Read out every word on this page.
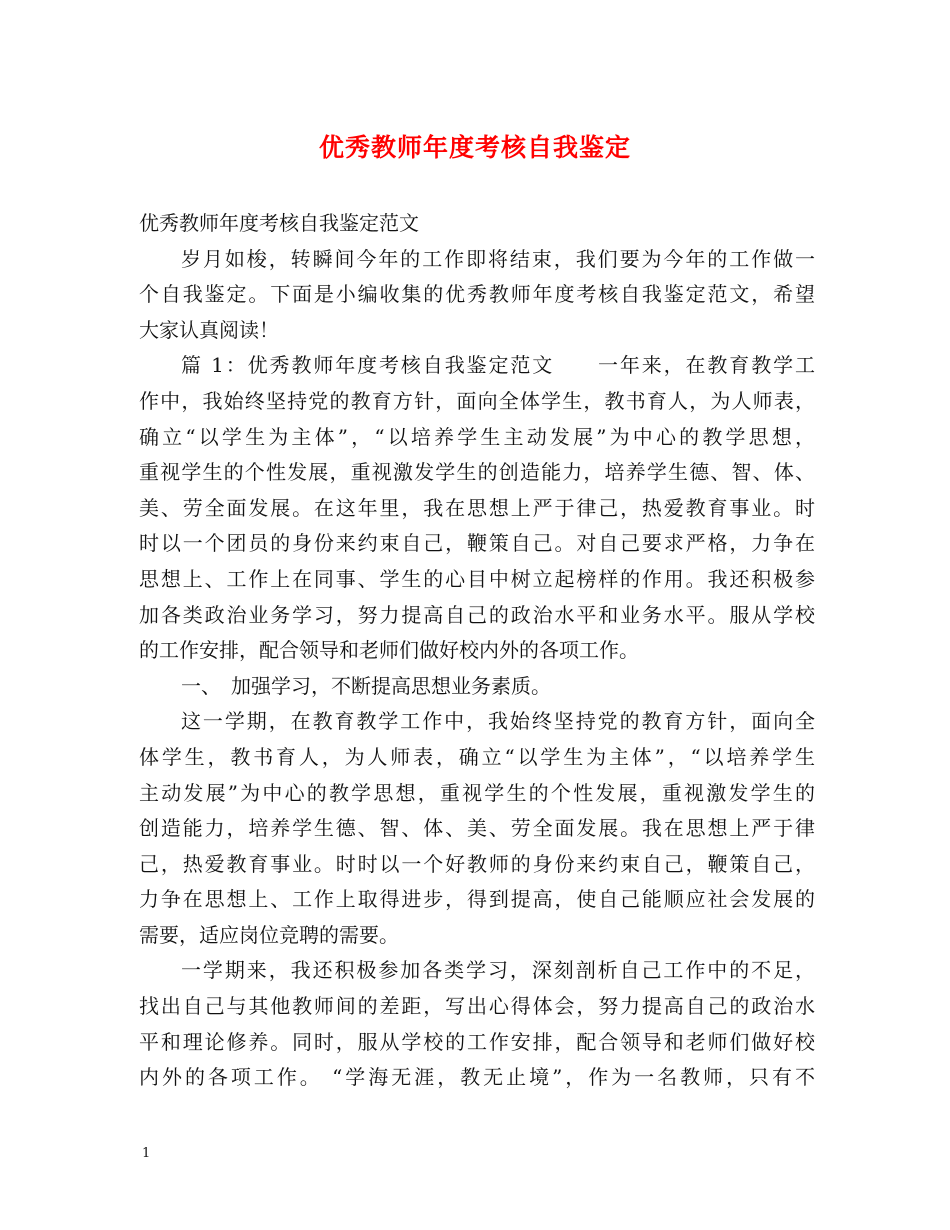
优秀教师年度考核自我鉴定
优秀教师年度考核自我鉴定范文
岁月如梭，转瞬间今年的工作即将结束，我们要为今年的工作做一
个自我鉴定。下面是小编收集的优秀教师年度考核自我鉴定范文，希望
大家认真阅读！
篇 1：优秀教师年度考核自我鉴定范文　　一年来，在教育教学工
作中，我始终坚持党的教育方针，面向全体学生，教书育人，为人师表，
确立“以学生为主体”，“以培养学生主动发展”为中心的教学思想，
重视学生的个性发展，重视激发学生的创造能力，培养学生德、智、体、
美、劳全面发展。在这年里，我在思想上严于律己，热爱教育事业。时
时以一个团员的身份来约束自己，鞭策自己。对自己要求严格，力争在
思想上、工作上在同事、学生的心目中树立起榜样的作用。我还积极参
加各类政治业务学习，努力提高自己的政治水平和业务水平。服从学校
的工作安排，配合领导和老师们做好校内外的各项工作。
一、　加强学习，不断提高思想业务素质。
这一学期，在教育教学工作中，我始终坚持党的教育方针，面向全
体学生，教书育人，为人师表，确立“以学生为主体”，“以培养学生
主动发展”为中心的教学思想，重视学生的个性发展，重视激发学生的
创造能力，培养学生德、智、体、美、劳全面发展。我在思想上严于律
己，热爱教育事业。时时以一个好教师的身份来约束自己，鞭策自己，
力争在思想上、工作上取得进步，得到提高，使自己能顺应社会发展的
需要，适应岗位竞聘的需要。
一学期来，我还积极参加各类学习，深刻剖析自己工作中的不足，
找出自己与其他教师间的差距，写出心得体会，努力提高自己的政治水
平和理论修养。同时，服从学校的工作安排，配合领导和老师们做好校
内外的各项工作。 “学海无涯，教无止境”，作为一名教师，只有不
1
